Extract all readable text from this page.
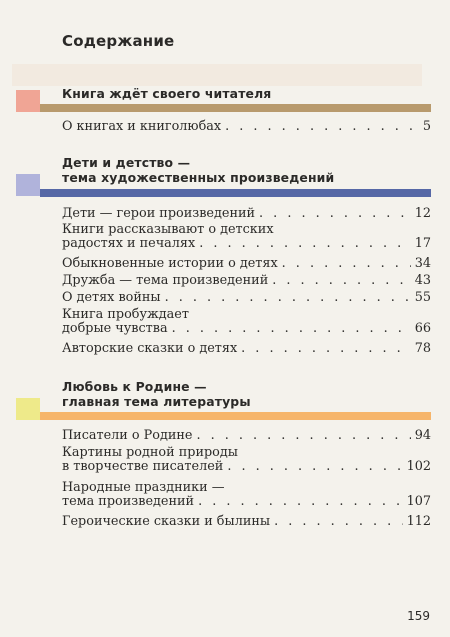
Содержание
Книга ждёт своего читателя
О книгах и книголюбах . . .	5
Дети и детство —
тема художественных произведений
Дети — герои произведений . . .	12
Книги рассказывают о детских
радостях и печалях . . .	17
Обыкновенные истории о детях . . .	34
Дружба — тема произведений . . .	43
О детях войны . . .	55
Книга пробуждает
добрые чувства . . .	66
Авторские сказки о детях . . .	78
Любовь к Родине —
главная тема литературы
Писатели о Родине . . .	94
Картины родной природы
в творчестве писателей . . .	102
Народные праздники —
тема произведений . . .	107
Героические сказки и былины . . .	112
159
